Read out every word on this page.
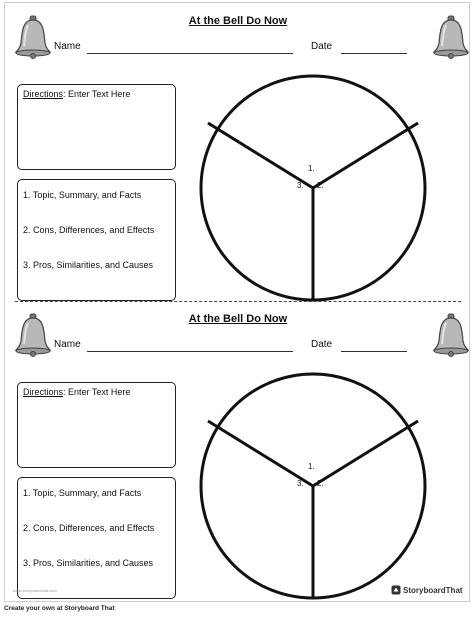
At the Bell Do Now
Name	Date
Directions: Enter Text Here
1. Topic, Summary, and Facts
2. Cons, Differences, and Effects
3. Pros, Similarities, and Causes
1.
2.
3.
At the Bell Do Now
Name	Date
Directions: Enter Text Here
1. Topic, Summary, and Facts
2. Cons, Differences, and Effects
3. Pros, Similarities, and Causes
1.
2.
3.
www.storyboardthat.com	StoryboardThat
Create your own at Storyboard That
